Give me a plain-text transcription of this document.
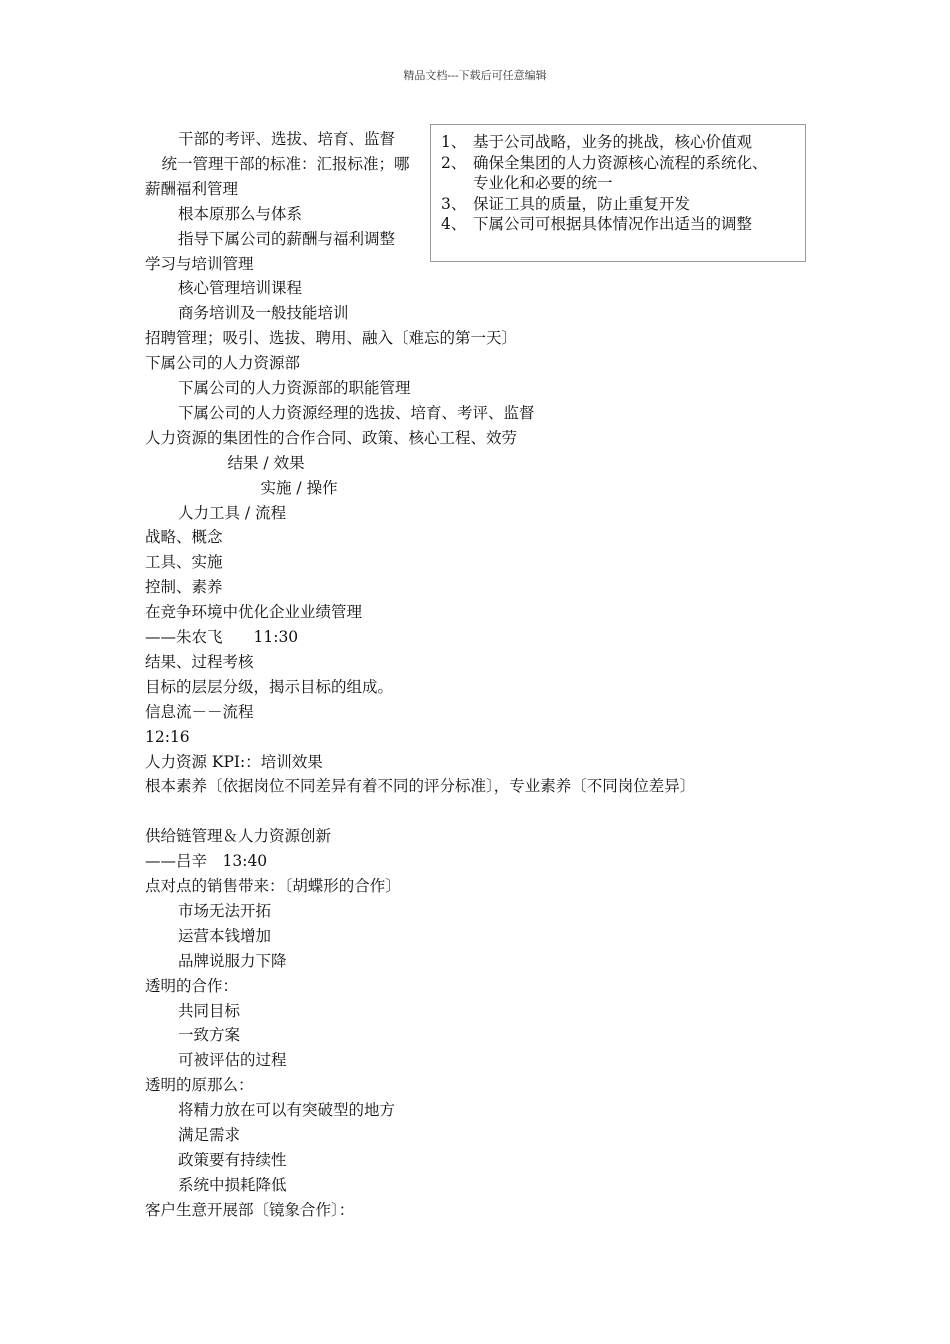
精品文档---下载后可任意编辑
干部的考评、选拔、培育、监督
统一管理干部的标准：汇报标准；哪
薪酬福利管理
根本原那么与体系
指导下属公司的薪酬与福利调整
学习与培训管理
核心管理培训课程
商务培训及一般技能培训
招聘管理；吸引、选拔、聘用、融入〔难忘的第一天〕
下属公司的人力资源部
下属公司的人力资源部的职能管理
下属公司的人力资源经理的选拔、培育、考评、监督
人力资源的集团性的合作合同、政策、核心工程、效劳
结果 / 效果
实施 / 操作
人力工具 / 流程
战略、概念
工具、实施
控制、素养
在竞争环境中优化企业业绩管理
——朱农飞　　11:30
结果、过程考核
目标的层层分级，揭示目标的组成。
信息流－－流程
12:16
人力资源 KPI:：培训效果
根本素养〔依据岗位不同差异有着不同的评分标准〕，专业素养〔不同岗位差异〕
供给链管理＆人力资源创新
——吕辛　13:40
点对点的销售带来：〔胡蝶形的合作〕
市场无法开拓
运营本钱增加
品牌说服力下降
透明的合作：
共同目标
一致方案
可被评估的过程
透明的原那么：
将精力放在可以有突破型的地方
满足需求
政策要有持续性
系统中损耗降低
客户生意开展部〔镜象合作〕：
1、 基于公司战略，业务的挑战，核心价值观
2、 确保全集团的人力资源核心流程的系统化、
专业化和必要的统一
3、 保证工具的质量，防止重复开发
4、 下属公司可根据具体情况作出适当的调整
